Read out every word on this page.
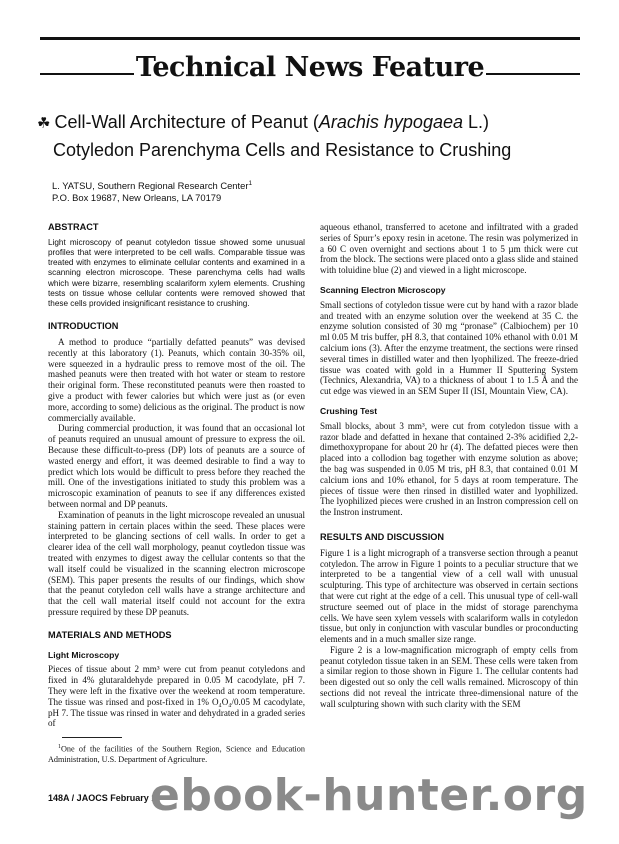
Technical News Feature
☘ Cell-Wall Architecture of Peanut (Arachis hypogaea L.)
Cotyledon Parenchyma Cells and Resistance to Crushing
L. YATSU, Southern Regional Research Center$^1$
P.O. Box 19687, New Orleans, LA 70179
ABSTRACT
Light microscopy of peanut cotyledon tissue showed some unusual profiles that were interpreted to be cell walls. Comparable tissue was treated with enzymes to eliminate cellular contents and examined in a scanning electron microscope. These parenchyma cells had walls which were bizarre, resembling scalariform xylem elements. Crushing tests on tissue whose cellular contents were removed showed that these cells provided insignificant resistance to crushing.
INTRODUCTION

A method to produce “partially defatted peanuts” was devised recently at this laboratory (1). Peanuts, which contain 30-35% oil, were squeezed in a hydraulic press to remove most of the oil. The mashed peanuts were then treated with hot water or steam to restore their original form. These reconstituted peanuts were then roasted to give a product with fewer calories but which were just as (or even more, according to some) delicious as the original. The product is now commercially available.

During commercial production, it was found that an occasional lot of peanuts required an unusual amount of pressure to express the oil. Because these difficult-to-press (DP) lots of peanuts are a source of wasted energy and effort, it was deemed desirable to find a way to predict which lots would be difficult to press before they reached the mill. One of the investigations initiated to study this problem was a microscopic examination of peanuts to see if any differences existed between normal and DP peanuts.

Examination of peanuts in the light microscope revealed an unusual staining pattern in certain places within the seed. These places were interpreted to be glancing sections of cell walls. In order to get a clearer idea of the cell wall morphology, peanut coytledon tissue was treated with enzymes to digest away the cellular contents so that the wall itself could be visualized in the scanning electron microscope (SEM). This paper presents the results of our findings, which show that the peanut cotyledon cell walls have a strange architecture and that the cell wall material itself could not account for the extra pressure required by these DP peanuts.

MATERIALS AND METHODS
Light Microscopy

Pieces of tissue about 2 mm³ were cut from peanut cotyledons and fixed in 4% glutaraldehyde prepared in 0.05 M cacodylate, pH 7. They were left in the fixative over the weekend at room temperature. The tissue was rinsed and post-fixed in 1% O₄O₄/0.05 M cacodylate, pH 7. The tissue was rinsed in water and dehydrated in a graded series of

$^1$One of the facilities of the Southern Region, Science and Education Administration, U.S. Department of Agriculture.

148A / JAOCS February 1

aqueous ethanol, transferred to acetone and infiltrated with a graded series of Spurr’s epoxy resin in acetone. The resin was polymerized in a 60 C oven overnight and sections about 1 to 5 µm thick were cut from the block. The sections were placed onto a glass slide and stained with toluidine blue (2) and viewed in a light microscope.

Scanning Electron Microscopy

Small sections of cotyledon tissue were cut by hand with a razor blade and treated with an enzyme solution over the weekend at 35 C. the enzyme solution consisted of 30 mg “pronase” (Calbiochem) per 10 ml 0.05 M tris buffer, pH 8.3, that contained 10% ethanol with 0.01 M calcium ions (3). After the enzyme treatment, the sections were rinsed several times in distilled water and then lyophilized. The freeze-dried tissue was coated with gold in a Hummer II Sputtering System (Technics, Alexandria, VA) to a thickness of about 1 to 1.5 Å and the cut edge was viewed in an SEM Super II (ISI, Mountain View, CA).

Crushing Test

Small blocks, about 3 mm³, were cut from cotyledon tissue with a razor blade and defatted in hexane that contained 2-3% acidified 2,2-dimethoxypropane for about 20 hr (4). The defatted pieces were then placed into a collodion bag together with enzyme solution as above; the bag was suspended in 0.05 M tris, pH 8.3, that contained 0.01 M calcium ions and 10% ethanol, for 5 days at room temperature. The pieces of tissue were then rinsed in distilled water and lyophilized. The lyophilized pieces were crushed in an Instron compression cell on the Instron instrument.

RESULTS AND DISCUSSION

Figure 1 is a light micrograph of a transverse section through a peanut cotyledon. The arrow in Figure 1 points to a peculiar structure that we interpreted to be a tangential view of a cell wall with unusual sculpturing. This type of architecture was observed in certain sections that were cut right at the edge of a cell. This unusual type of cell-wall structure seemed out of place in the midst of storage parenchyma cells. We have seen xylem vessels with scalariform walls in cotyledon tissue, but only in conjunction with vascular bundles or proconducting elements and in a much smaller size range.

Figure 2 is a low-magnification micrograph of empty cells from peanut cotyledon tissue taken in an SEM. These cells were taken from a similar region to those shown in Figure 1. The cellular contents had been digested out so only the cell walls remained. Microscopy of thin sections did not reveal the intricate three-dimensional nature of the wall sculpturing shown with such clarity with the SEM

ebook-hunter.org
